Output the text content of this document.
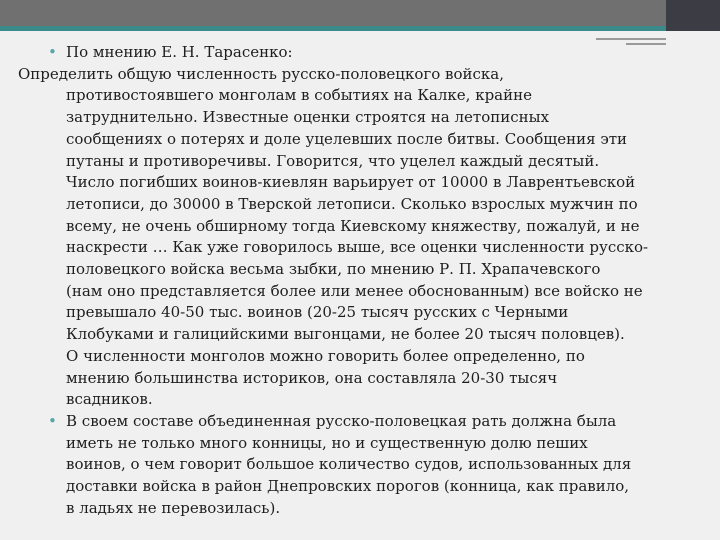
• По мнению Е. Н. Тарасенко:

Определить общую численность русско-половецкого войска,
противостоявшего монголам в событиях на Калке, крайне
затруднительно. Известные оценки строятся на летописных
сообщениях о потерях и доле уцелевших после битвы. Сообщения эти
путаны и противоречивы. Говорится, что уцелел каждый десятый.
Число погибших воинов-киевлян варьирует от 10000 в Лаврентьевской
летописи, до 30000 в Тверской летописи. Сколько взрослых мужчин по
всему, не очень обширному тогда Киевскому княжеству, пожалуй, и не
наскрести … Как уже говорилось выше, все оценки численности русско-
половецкого войска весьма зыбки, по мнению Р. П. Храпачевского
(нам оно представляется более или менее обоснованным) все войско не
превышало 40-50 тыс. воинов (20-25 тысяч русских с Черными
Клобуками и галицийскими выгонцами, не более 20 тысяч половцев).
О численности монголов можно говорить более определенно, по
мнению большинства историков, она составляла 20-30 тысяч
всадников.

• В своем составе объединенная русско-половецкая рать должна была
иметь не только много конницы, но и существенную долю пеших
воинов, о чем говорит большое количество судов, использованных для
доставки войска в район Днепровских порогов (конница, как правило,
в ладьях не перевозилась).
